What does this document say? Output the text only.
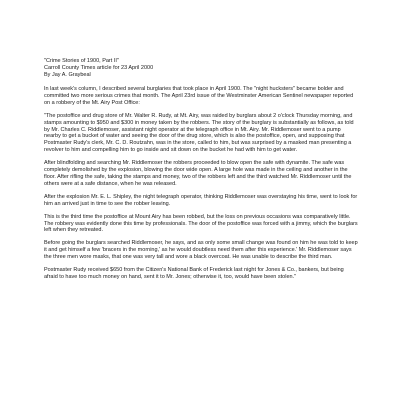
"Crime Stories of 1900, Part II"

Carroll County Times article for 23 April 2000

By Jay A. Graybeal

In last week's column, I described several burglaries that took place in April 1900. The "night hucksters" became bolder and committed two more serious crimes that month. The April 23rd issue of the Westminster American Sentinel newspaper reported on a robbery of the Mt. Airy Post Office:

"The postoffice and drug store of Mr. Walter R. Rudy, at Mt. Airy, was raided by burglars about 2 o'clock Thursday morning, and stamps amounting to $950 and $300 in money taken by the robbers. The story of the burglary is substantially as follows, as told by Mr. Charles C. Riddlemoser, assistant night operator at the telegraph office in Mt. Airy. Mr. Riddlemoser went to a pump nearby to get a bucket of water and seeing the door of the drug store, which is also the postoffice, open, and supposing that Postmaster Rudy's clerk, Mr. C. D. Routzahn, was in the store, called to him, but was surprised by a masked man presenting a revolver to him and compelling him to go inside and sit down on the bucket he had with him to get water.

After blindfolding and searching Mr. Riddlemoser the robbers proceeded to blow open the safe with dynamite. The safe was completely demolished by the explosion, blowing the door wide open. A large hole was made in the ceiling and another in the floor. After rifling the safe, taking the stamps and money, two of the robbers left and the third watched Mr. Riddlemoser until the others were at a safe distance, when he was released.

After the explosion Mr. E. L. Shipley, the night telegraph operator, thinking Riddlemoser was overstaying his time, went to look for him an arrived just in time to see the robber leaving.

This is the third time the postoffice at Mount Airy has been robbed, but the loss on previous occasions was comparatively little. The robbery was evidently done this time by professionals. The door of the postoffice was forced with a jimmy, which the burglars left when they retreated.

Before going the burglars searched Riddlemoser, he says, and as only some small change was found on him he was told to keep it and get himself a few 'bracers in the morning,' as he would doubtless need them after this experience.' Mr. Riddlemoser says the three men wore masks, that one was very tall and wore a black overcoat. He was unable to describe the third man.

Postmaster Rudy received $650 from the Citizen's National Bank of Frederick last night for Jones & Co., bankers, but being afraid to have too much money on hand, sent it to Mr. Jones; otherwise it, too, would have been stolen."
